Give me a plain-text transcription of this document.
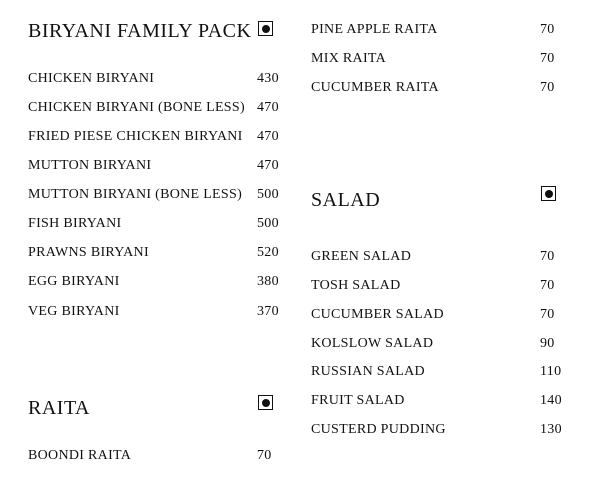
BIRYANI FAMILY PACK
CHICKEN BIRYANI	430
CHICKEN BIRYANI (BONE LESS) 470
FRIED PIESE CHICKEN BIRYANI 470
MUTTON BIRYANI	470
MUTTON BIRYANI (BONE LESS) 500
FISH BIRYANI	500
PRAWNS BIRYANI	520
EGG BIRYANI	380
VEG BIRYANI	370
RAITA
BOONDI RAITA	70
PINE APPLE RAITA	70
MIX RAITA	70
CUCUMBER RAITA	70
SALAD
GREEN SALAD	70
TOSH SALAD	70
CUCUMBER SALAD	70
KOLSLOW SALAD	90
RUSSIAN SALAD	110
FRUIT SALAD	140
CUSTERD PUDDING	130
